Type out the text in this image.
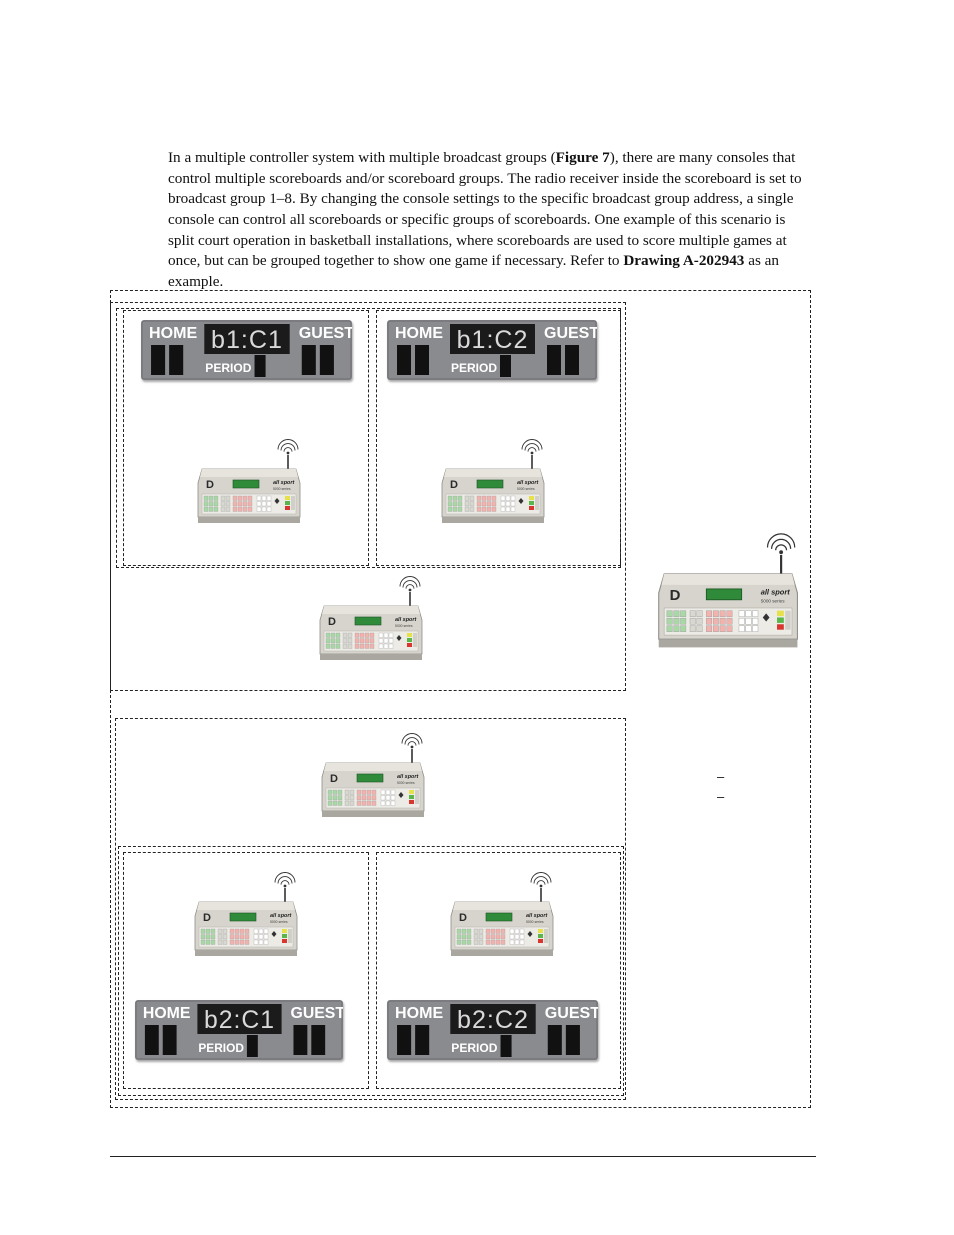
In a multiple controller system with multiple broadcast groups (Figure 7), there are many consoles that control multiple scoreboards and/or scoreboard groups. The radio receiver inside the scoreboard is set to broadcast group 1–8. By changing the console settings to the specific broadcast group address, a single console can control all scoreboards or specific groups of scoreboards. One example of this scenario is split court operation in basketball installations, where scoreboards are used to score multiple games at once, but can be grouped together to show one game if necessary. Refer to Drawing A-202943 as an example.

HOME	GUEST
PERIOD
b1:C1	HOME	GUEST
PERIOD
b1:C2
HOME	GUEST
PERIOD
b2:C1	HOME	GUEST
PERIOD
b2:C2
D	all sport
5000 series	D	all sport
5000 series
D	all sport
5000 series
D	all sport
5000 series
D	all sport
5000 series
D	all sport
5000 series	D	all sport
5000 series
–
–
